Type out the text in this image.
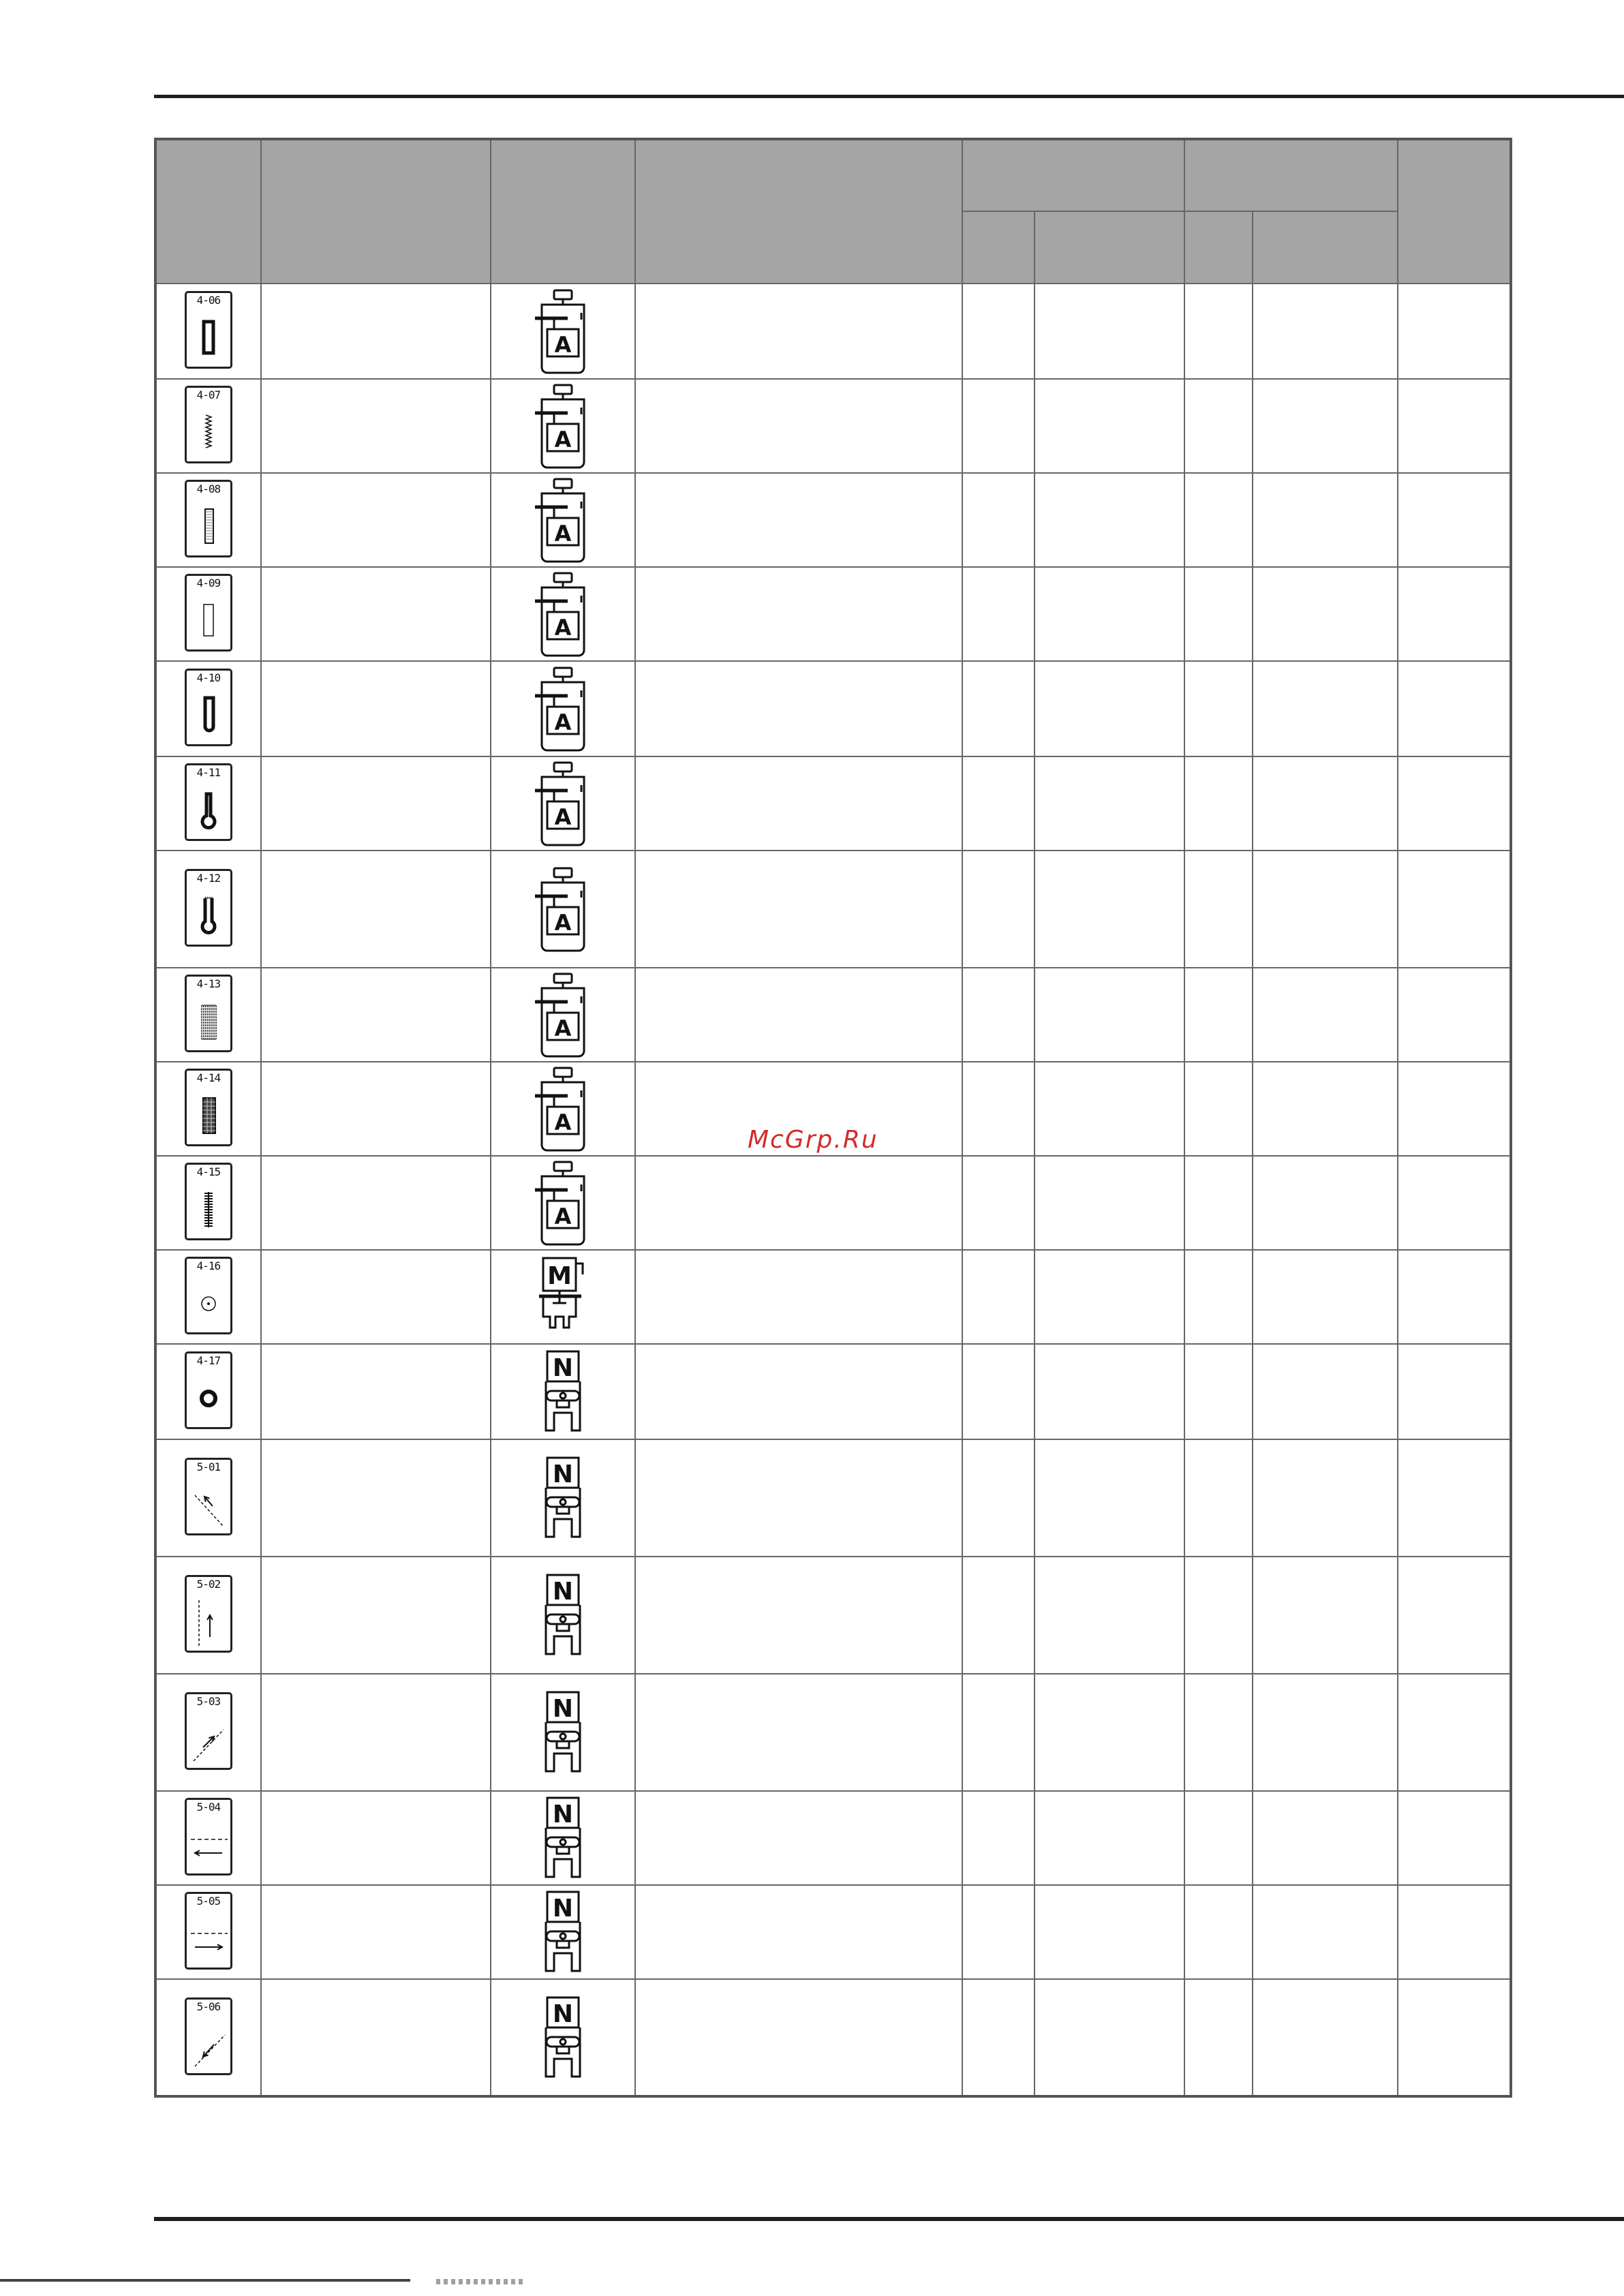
4-06		A						

4-07		A						

4-08		A						

4-09		A						

4-10		A						

4-11		A						

4-12		A						

4-13		A						

4-14		A						

4-15		A						

4-16		M						

4-17		N						

5-01		N						

5-02		N						

5-03		N						

5-04		N						

5-05		N						

5-06		N						

McGrp.Ru
